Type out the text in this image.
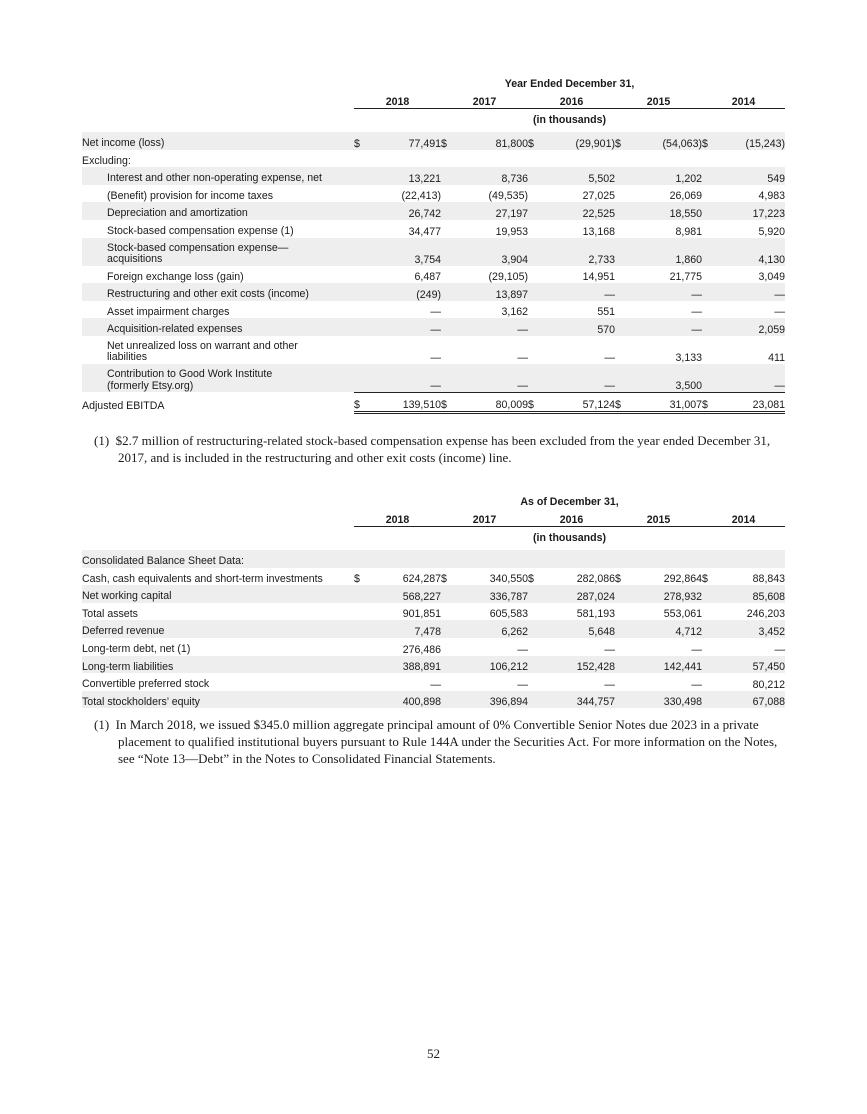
		Year Ended December 31,									
		2018		2017		2016		2015		2014	
		(in thousands)									
Net income (loss)		$	77,491	$	81,800	$	(29,901)	$	(54,063)	$	(15,243)
Excluding:											
Interest and other non-operating expense, net			13,221		8,736		5,502		1,202		549
(Benefit) provision for income taxes			(22,413)		(49,535)		27,025		26,069		4,983
Depreciation and amortization			26,742		27,197		22,525		18,550		17,223
Stock-based compensation expense (1)			34,477		19,953		13,168		8,981		5,920
Stock-based compensation expense— acquisitions			3,754		3,904		2,733		1,860		4,130
Foreign exchange loss (gain)			6,487		(29,105)		14,951		21,775		3,049
Restructuring and other exit costs (income)			(249)		13,897		—		—		—
Asset impairment charges			—		3,162		551		—		—
Acquisition-related expenses			—		—		570		—		2,059
Net unrealized loss on warrant and other liabilities			—		—		—		3,133		411
Contribution to Good Work Institute (formerly Etsy.org)			—		—		—		3,500		—
Adjusted EBITDA		$	139,510	$	80,009	$	57,124	$	31,007	$	23,081
(1) $2.7 million of restructuring-related stock-based compensation expense has been excluded from the year ended December 31, 2017, and is included in the restructuring and other exit costs (income) line.
		As of December 31,									
		2018		2017		2016		2015		2014	
		(in thousands)									
Consolidated Balance Sheet Data:											
Cash, cash equivalents and short-term investments		$	624,287	$	340,550	$	282,086	$	292,864	$	88,843
Net working capital			568,227		336,787		287,024		278,932		85,608
Total assets			901,851		605,583		581,193		553,061		246,203
Deferred revenue			7,478		6,262		5,648		4,712		3,452
Long-term debt, net (1)			276,486		—		—		—		—
Long-term liabilities			388,891		106,212		152,428		142,441		57,450
Convertible preferred stock			—		—		—		—		80,212
Total stockholders’ equity			400,898		396,894		344,757		330,498		67,088
(1) In March 2018, we issued $345.0 million aggregate principal amount of 0% Convertible Senior Notes due 2023 in a private placement to qualified institutional buyers pursuant to Rule 144A under the Securities Act. For more information on the Notes, see “Note 13—Debt” in the Notes to Consolidated Financial Statements.
52
